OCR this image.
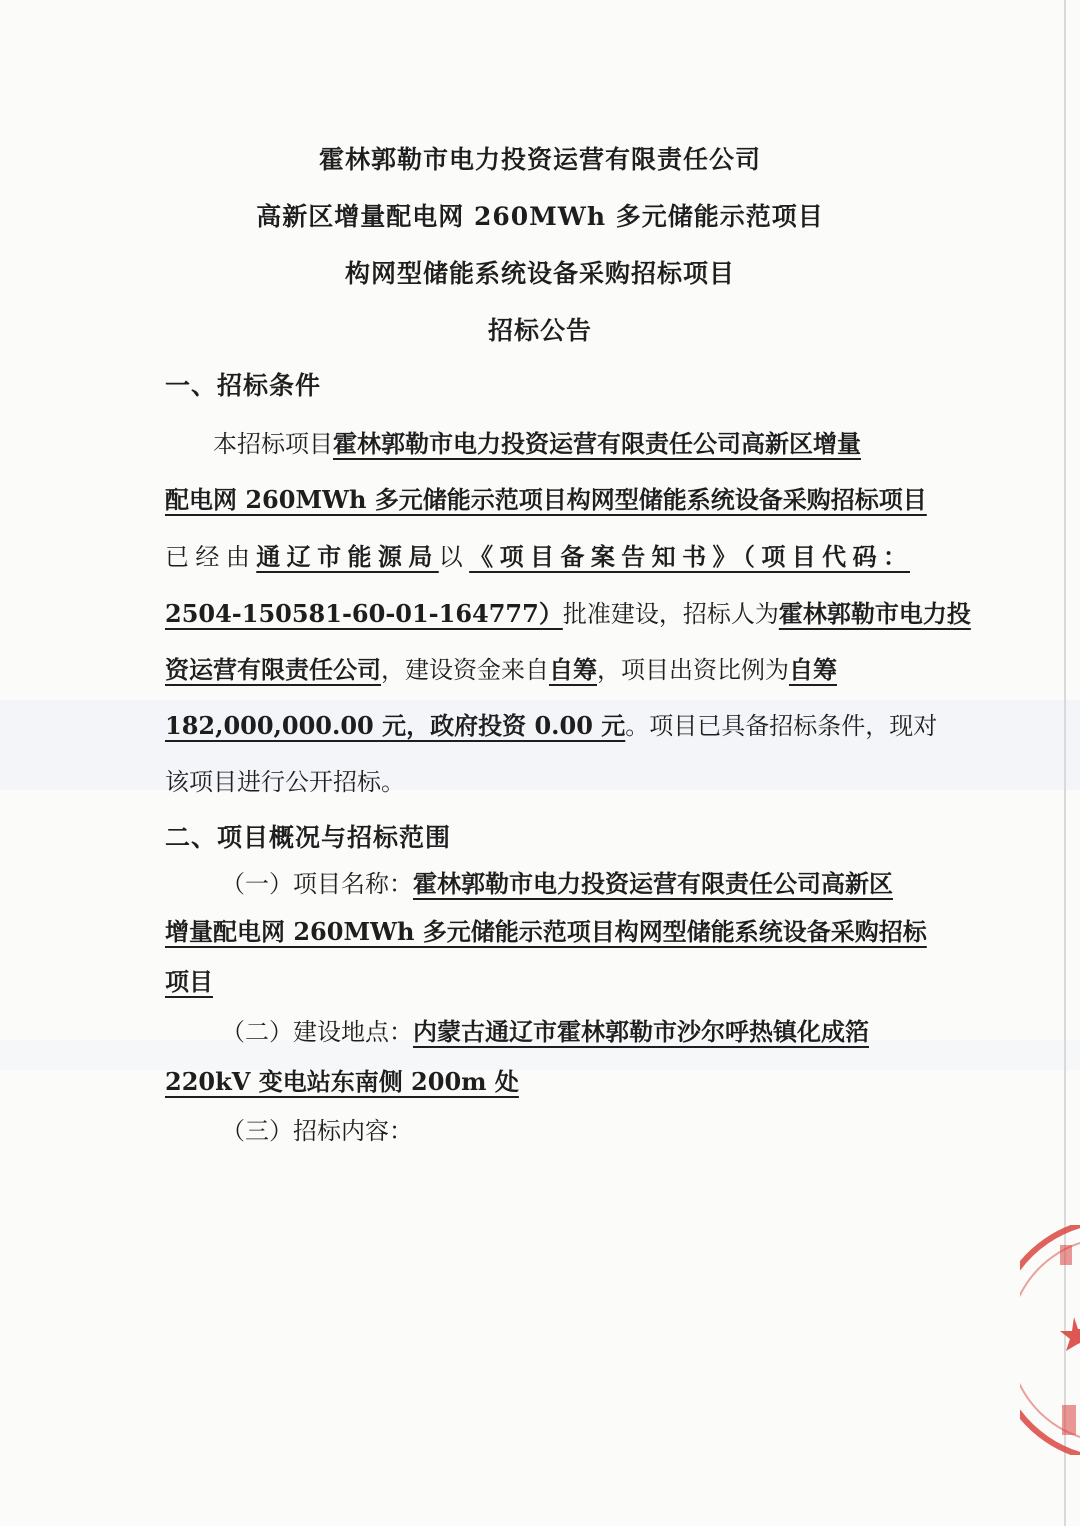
霍林郭勒市电力投资运营有限责任公司
高新区增量配电网 260MWh 多元储能示范项目
构网型储能系统设备采购招标项目
招标公告
一、招标条件
本招标项目霍林郭勒市电力投资运营有限责任公司高新区增量
配电网 260MWh 多元储能示范项目构网型储能系统设备采购招标项目
已经由通辽市能源局以《项目备案告知书》（项目代码：
2504-150581-60-01-164777）批准建设，招标人为霍林郭勒市电力投
资运营有限责任公司，建设资金来自自筹，项目出资比例为自筹
182,000,000.00 元，政府投资 0.00 元。项目已具备招标条件，现对
该项目进行公开招标。
二、项目概况与招标范围
（一）项目名称：霍林郭勒市电力投资运营有限责任公司高新区
增量配电网 260MWh 多元储能示范项目构网型储能系统设备采购招标
项目
（二）建设地点：内蒙古通辽市霍林郭勒市沙尔呼热镇化成箔
220kV 变电站东南侧 200m 处
（三）招标内容：
